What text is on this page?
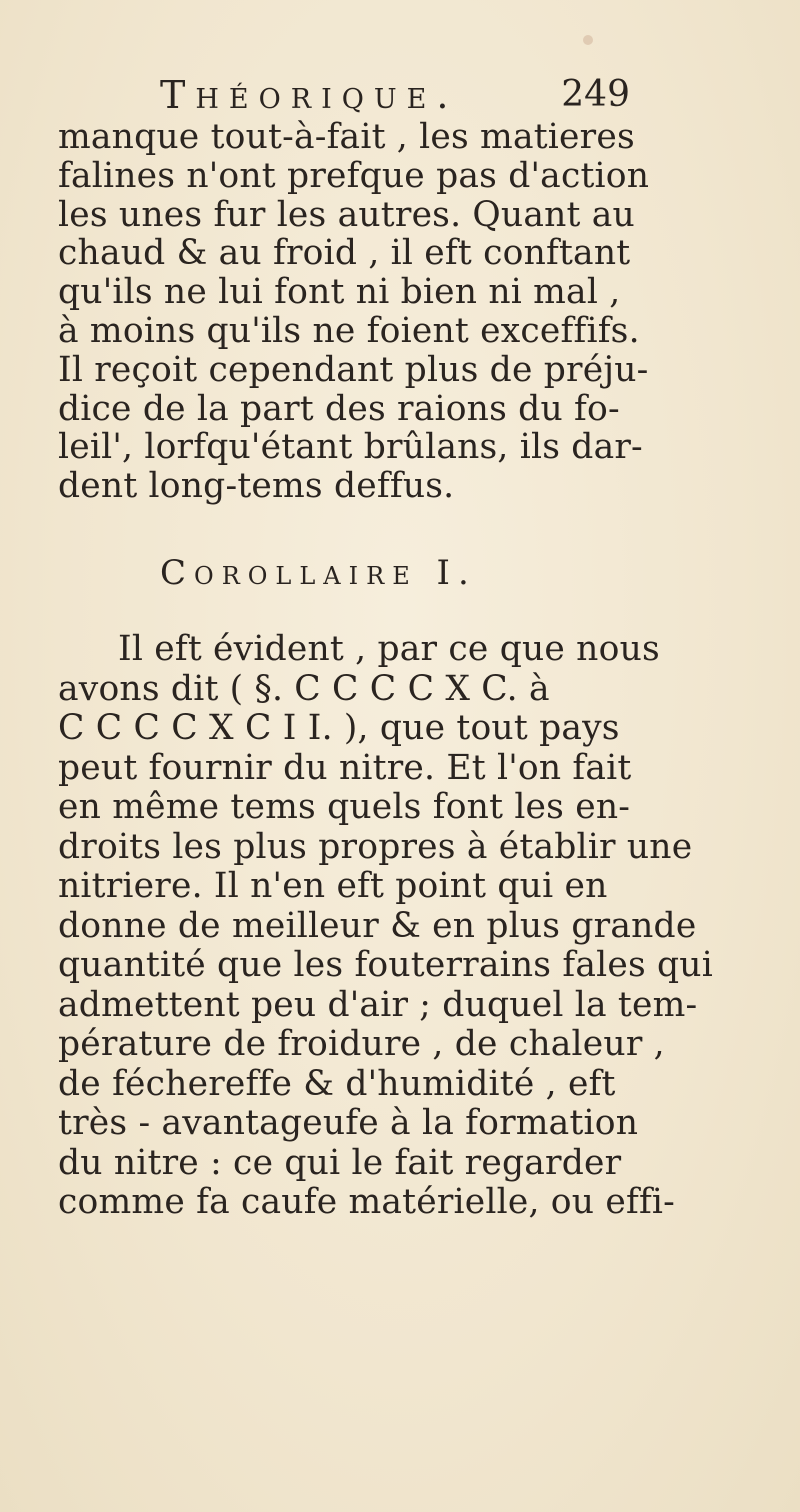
Théorique.	249
manque tout-à-fait , les matieres
falines n'ont prefque pas d'action
les unes fur les autres. Quant au
chaud & au froid , il eft conftant
qu'ils ne lui font ni bien ni mal ,
à moins qu'ils ne foient exceffifs.
Il reçoit cependant plus de préju-
dice de la part des raions du fo-
leil', lorfqu'étant brûlans, ils dar-
dent long-tems deffus.
Corollaire I.
Il eft évident , par ce que nous
avons dit ( §. C C C C X C. à
C C C C X C I I. ), que tout pays
peut fournir du nitre. Et l'on fait
en même tems quels font les en-
droits les plus propres à établir une
nitriere. Il n'en eft point qui en
donne de meilleur & en plus grande
quantité que les fouterrains fales qui
admettent peu d'air ; duquel la tem-
pérature de froidure , de chaleur ,
de féchereffe & d'humidité , eft
très - avantageufe à la formation
du nitre : ce qui le fait regarder
comme fa caufe matérielle, ou effi-
